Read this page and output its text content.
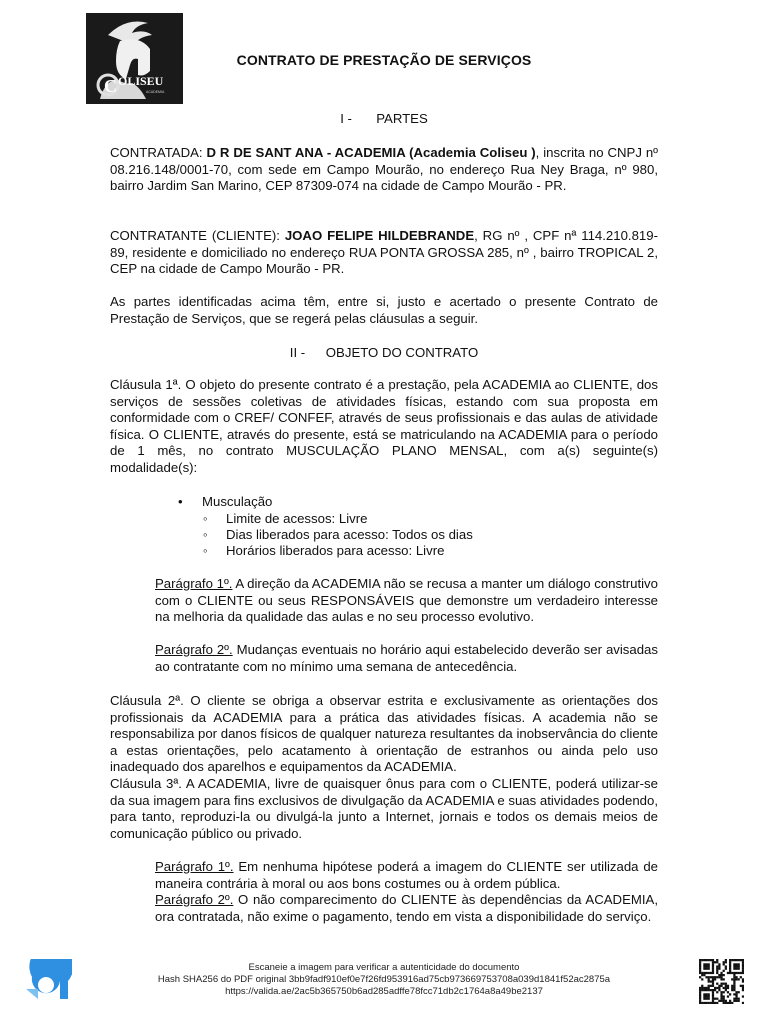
C OLISEU
ACADEMIA
CONTRATO DE PRESTAÇÃO DE SERVIÇOS
I - PARTES
CONTRATADA: D R DE SANT ANA - ACADEMIA (Academia Coliseu ), inscrita no CNPJ nº 08.216.148/0001-70, com sede em Campo Mourão, no endereço Rua Ney Braga, nº 980, bairro Jardim San Marino, CEP 87309-074 na cidade de Campo Mourão - PR.
CONTRATANTE (CLIENTE): JOAO FELIPE HILDEBRANDE, RG nº , CPF nª 114.210.819-89, residente e domiciliado no endereço RUA PONTA GROSSA 285, nº , bairro TROPICAL 2, CEP na cidade de Campo Mourão - PR.
As partes identificadas acima têm, entre si, justo e acertado o presente Contrato de Prestação de Serviços, que se regerá pelas cláusulas a seguir.
II - OBJETO DO CONTRATO
Cláusula 1ª. O objeto do presente contrato é a prestação, pela ACADEMIA ao CLIENTE, dos serviços de sessões coletivas de atividades físicas, estando com sua proposta em conformidade com o CREF/ CONFEF, através de seus profissionais e das aulas de atividade física. O CLIENTE, através do presente, está se matriculando na ACADEMIA para o período de 1 mês, no contrato MUSCULAÇÃO PLANO MENSAL, com a(s) seguinte(s) modalidade(s):
• Musculação
◦ Limite de acessos: Livre
◦ Dias liberados para acesso: Todos os dias
◦ Horários liberados para acesso: Livre
Parágrafo 1º. A direção da ACADEMIA não se recusa a manter um diálogo construtivo com o CLIENTE ou seus RESPONSÁVEIS que demonstre um verdadeiro interesse na melhoria da qualidade das aulas e no seu processo evolutivo.
Parágrafo 2º. Mudanças eventuais no horário aqui estabelecido deverão ser avisadas ao contratante com no mínimo uma semana de antecedência.
Cláusula 2ª. O cliente se obriga a observar estrita e exclusivamente as orientações dos profissionais da ACADEMIA para a prática das atividades físicas. A academia não se responsabiliza por danos físicos de qualquer natureza resultantes da inobservância do cliente a estas orientações, pelo acatamento à orientação de estranhos ou ainda pelo uso inadequado dos aparelhos e equipamentos da ACADEMIA.
Cláusula 3ª. A ACADEMIA, livre de quaisquer ônus para com o CLIENTE, poderá utilizar-se da sua imagem para fins exclusivos de divulgação da ACADEMIA e suas atividades podendo, para tanto, reproduzi-la ou divulgá-la junto a Internet, jornais e todos os demais meios de comunicação público ou privado.
Parágrafo 1º. Em nenhuma hipótese poderá a imagem do CLIENTE ser utilizada de maneira contrária à moral ou aos bons costumes ou à ordem pública.
Parágrafo 2º. O não comparecimento do CLIENTE às dependências da ACADEMIA, ora contratada, não exime o pagamento, tendo em vista a disponibilidade do serviço.
Escaneie a imagem para verificar a autenticidade do documento
Hash SHA256 do PDF original 3bb9fadf910ef0e7f26fd953916ad75cb973669753708a039d1841f52ac2875a
https://valida.ae/2ac5b365750b6ad285adffe78fcc71db2c1764a8a49be2137
